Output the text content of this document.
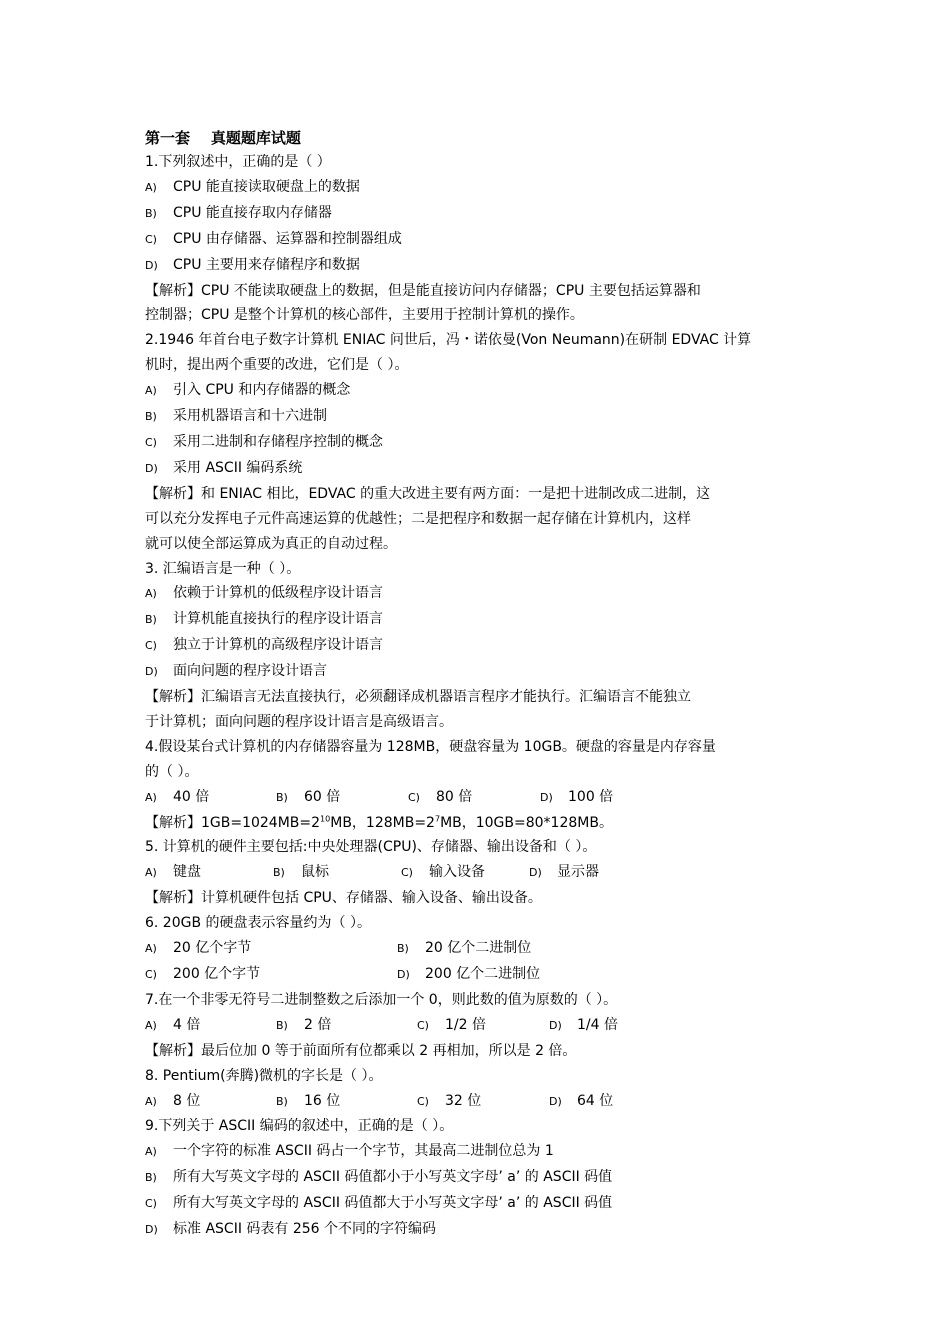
第一套    真题题库试题
1.下列叙述中，正确的是（ ）
A)	CPU 能直接读取硬盘上的数据
B)	CPU 能直接存取内存储器
C)	CPU 由存储器、运算器和控制器组成
D)	CPU 主要用来存储程序和数据
【解析】CPU 不能读取硬盘上的数据，但是能直接访问内存储器；CPU 主要包括运算器和
控制器；CPU 是整个计算机的核心部件，主要用于控制计算机的操作。
2.1946 年首台电子数字计算机 ENIAC 问世后，冯・诺依曼(Von Neumann)在研制 EDVAC 计算
机时，提出两个重要的改进，它们是（ ）。
A)	引入 CPU 和内存储器的概念
B)	采用机器语言和十六进制
C)	采用二进制和存储程序控制的概念
D)	采用 ASCII 编码系统
【解析】和 ENIAC 相比，EDVAC 的重大改进主要有两方面：一是把十进制改成二进制，这
可以充分发挥电子元件高速运算的优越性；二是把程序和数据一起存储在计算机内，这样
就可以使全部运算成为真正的自动过程。
3. 汇编语言是一种（ ）。
A)	依赖于计算机的低级程序设计语言
B)	计算机能直接执行的程序设计语言
C)	独立于计算机的高级程序设计语言
D)	面向问题的程序设计语言
【解析】汇编语言无法直接执行，必须翻译成机器语言程序才能执行。汇编语言不能独立
于计算机；面向问题的程序设计语言是高级语言。
4.假设某台式计算机的内存储器容量为 128MB，硬盘容量为 10GB。硬盘的容量是内存容量
的（ ）。
A)	40 倍	B)	60 倍	C)	80 倍	D)	100 倍
【解析】$1GB=1024MB=2^{10}MB$，$128MB=2^7MB$，10GB=80*128MB。
5. 计算机的硬件主要包括:中央处理器(CPU)、存储器、输出设备和（ ）。
A)	键盘	B)	鼠标	C)	输入设备	D)	显示器
【解析】计算机硬件包括 CPU、存储器、输入设备、输出设备。
6. 20GB 的硬盘表示容量约为（ ）。
A)	20 亿个字节	B)	20 亿个二进制位
C)	200 亿个字节	D)	200 亿个二进制位
7.在一个非零无符号二进制整数之后添加一个 0，则此数的值为原数的（ ）。
A)	4 倍	B)	2 倍	C)	1/2 倍	D)	1/4 倍
【解析】最后位加 0 等于前面所有位都乘以 2 再相加，所以是 2 倍。
8. Pentium(奔腾)微机的字长是（ ）。
A)	8 位	B)	16 位	C)	32 位	D)	64 位
9.下列关于 ASCII 编码的叙述中，正确的是（ ）。
A)	一个字符的标准 ASCII 码占一个字节，其最高二进制位总为 1
B)	所有大写英文字母的 ASCII 码值都小于小写英文字母’ a’ 的 ASCII 码值
C)	所有大写英文字母的 ASCII 码值都大于小写英文字母’ a’ 的 ASCII 码值
D)	标准 ASCII 码表有 256 个不同的字符编码
